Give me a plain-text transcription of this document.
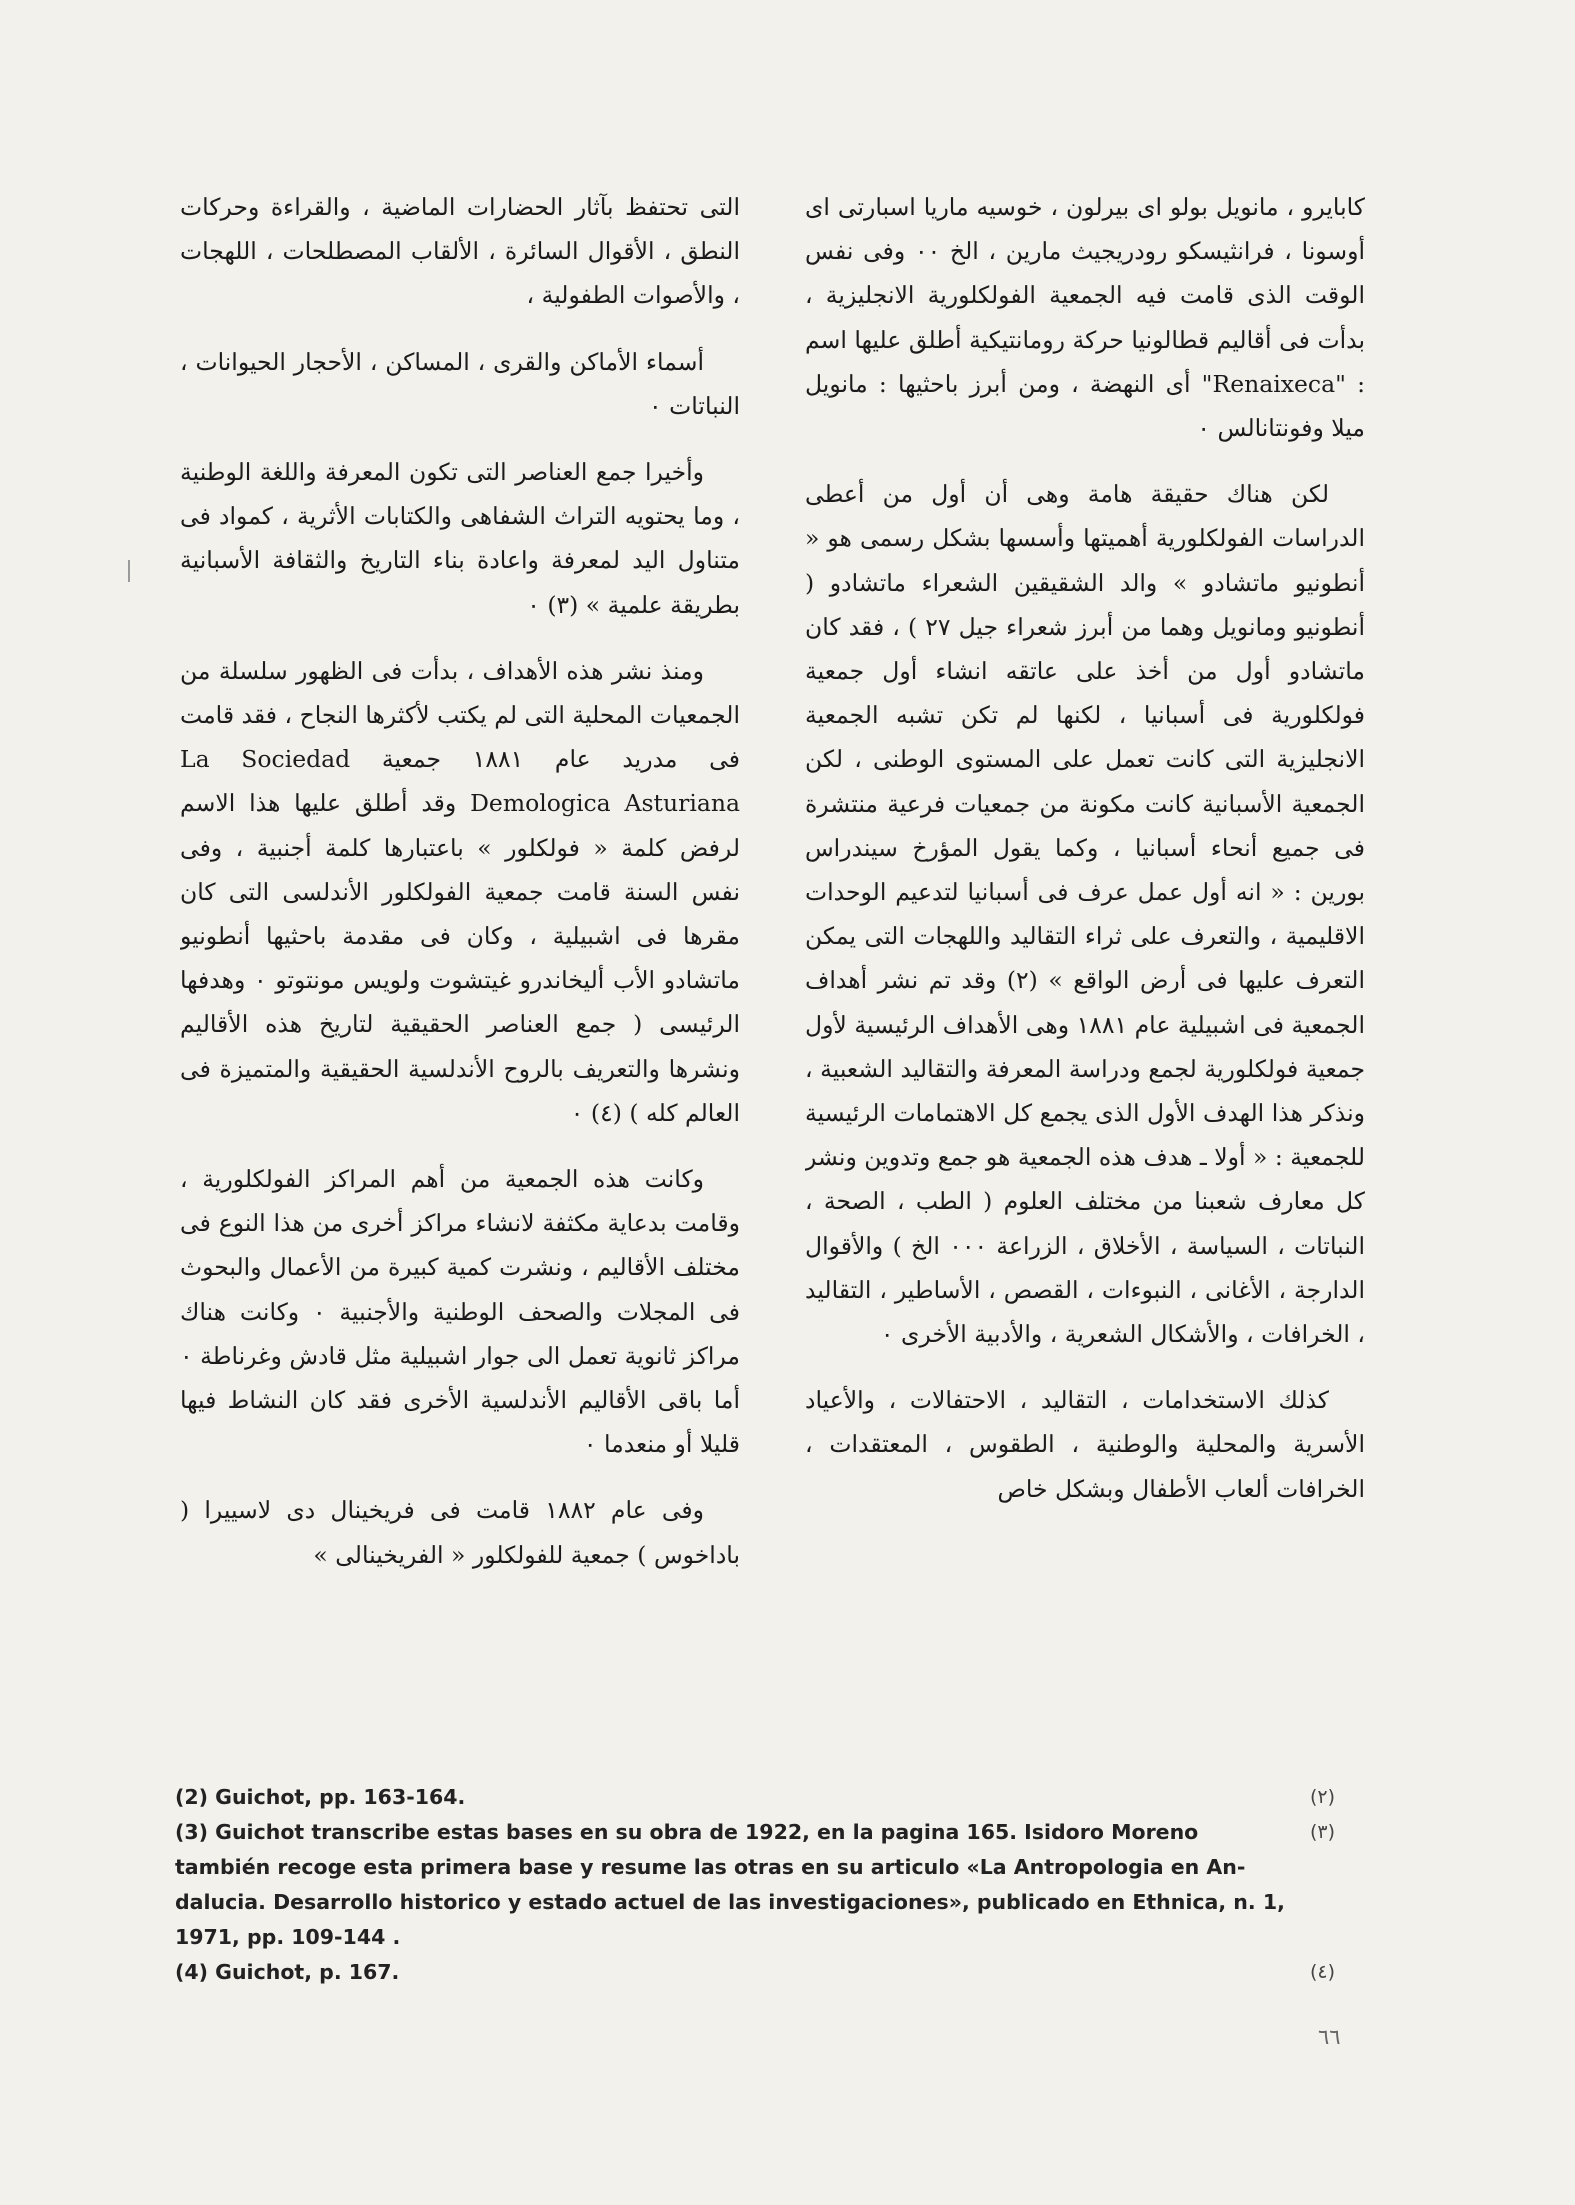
كابايرو ، مانويل بولو اى بيرلون ، خوسيه ماريا اسبارتى اى أوسونا ، فرانثيسكو رودريجيث مارين ، الخ ٠٠ وفى نفس الوقت الذى قامت فيه الجمعية الفولكلورية الانجليزية ، بدأت فى أقاليم قطالونيا حركة رومانتيكية أطلق عليها اسم : "Renaixeca" أى النهضة ، ومن أبرز باحثيها : مانويل ميلا وفونتانالس ٠

لكن هناك حقيقة هامة وهى أن أول من أعطى الدراسات الفولكلورية أهميتها وأسسها بشكل رسمى هو « أنطونيو ماتشادو » والد الشقيقين الشعراء ماتشادو ( أنطونيو ومانويل وهما من أبرز شعراء جيل ٢٧ ) ، فقد كان ماتشادو أول من أخذ على عاتقه انشاء أول جمعية فولكلورية فى أسبانيا ، لكنها لم تكن تشبه الجمعية الانجليزية التى كانت تعمل على المستوى الوطنى ، لكن الجمعية الأسبانية كانت مكونة من جمعيات فرعية منتشرة فى جميع أنحاء أسبانيا ، وكما يقول المؤرخ سيندراس بورين : « انه أول عمل عرف فى أسبانيا لتدعيم الوحدات الاقليمية ، والتعرف على ثراء التقاليد واللهجات التى يمكن التعرف عليها فى أرض الواقع » (٢) وقد تم نشر أهداف الجمعية فى اشبيلية عام ١٨٨١ وهى الأهداف الرئيسية لأول جمعية فولكلورية لجمع ودراسة المعرفة والتقاليد الشعبية ، ونذكر هذا الهدف الأول الذى يجمع كل الاهتمامات الرئيسية للجمعية : « أولا ـ هدف هذه الجمعية هو جمع وتدوين ونشر كل معارف شعبنا من مختلف العلوم ( الطب ، الصحة ، النباتات ، السياسة ، الأخلاق ، الزراعة ٠٠٠ الخ ) والأقوال الدارجة ، الأغانى ، النبوءات ، القصص ، الأساطير ، التقاليد ، الخرافات ، والأشكال الشعرية ، والأدبية الأخرى ٠

كذلك الاستخدامات ، التقاليد ، الاحتفالات ، والأعياد الأسرية والمحلية والوطنية ، الطقوس ، المعتقدات ، الخرافات ألعاب الأطفال وبشكل خاص

التى تحتفظ بآثار الحضارات الماضية ، والقراءة وحركات النطق ، الأقوال السائرة ، الألقاب المصطلحات ، اللهجات ، والأصوات الطفولية ،

أسماء الأماكن والقرى ، المساكن ، الأحجار الحيوانات ، النباتات ٠

وأخيرا جمع العناصر التى تكون المعرفة واللغة الوطنية ، وما يحتويه التراث الشفاهى والكتابات الأثرية ، كمواد فى متناول اليد لمعرفة واعادة بناء التاريخ والثقافة الأسبانية بطريقة علمية » (٣) ٠

ومنذ نشر هذه الأهداف ، بدأت فى الظهور سلسلة من الجمعيات المحلية التى لم يكتب لأكثرها النجاح ، فقد قامت فى مدريد عام ١٨٨١ جمعية La Sociedad Demologica Asturiana وقد أطلق عليها هذا الاسم لرفض كلمة « فولكلور » باعتبارها كلمة أجنبية ، وفى نفس السنة قامت جمعية الفولكلور الأندلسى التى كان مقرها فى اشبيلية ، وكان فى مقدمة باحثيها أنطونيو ماتشادو الأب أليخاندرو غيتشوت ولويس مونتوتو ٠ وهدفها الرئيسى ( جمع العناصر الحقيقية لتاريخ هذه الأقاليم ونشرها والتعريف بالروح الأندلسية الحقيقية والمتميزة فى العالم كله ) (٤) ٠

وكانت هذه الجمعية من أهم المراكز الفولكلورية ، وقامت بدعاية مكثفة لانشاء مراكز أخرى من هذا النوع فى مختلف الأقاليم ، ونشرت كمية كبيرة من الأعمال والبحوث فى المجلات والصحف الوطنية والأجنبية ٠ وكانت هناك مراكز ثانوية تعمل الى جوار اشبيلية مثل قادش وغرناطة ٠ أما باقى الأقاليم الأندلسية الأخرى فقد كان النشاط فيها قليلا أو منعدما ٠

وفى عام ١٨٨٢ قامت فى فريخينال دى لاسييرا ( باداخوس ) جمعية للفولكلور « الفريخينالى »

(2) Guichot, pp. 163-164.	(٢)
(3) Guichot transcribe estas bases en su obra de 1922, en la pagina 165. Isidoro Moreno	(٣)
también recoge esta primera base y resume las otras en su articulo «La Antropologia en An-
dalucia. Desarrollo historico y estado actuel de las investigaciones», publicado en Ethnica, n. 1,
1971, pp. 109-144 .
(4) Guichot, p. 167.	(٤)
٦٦
